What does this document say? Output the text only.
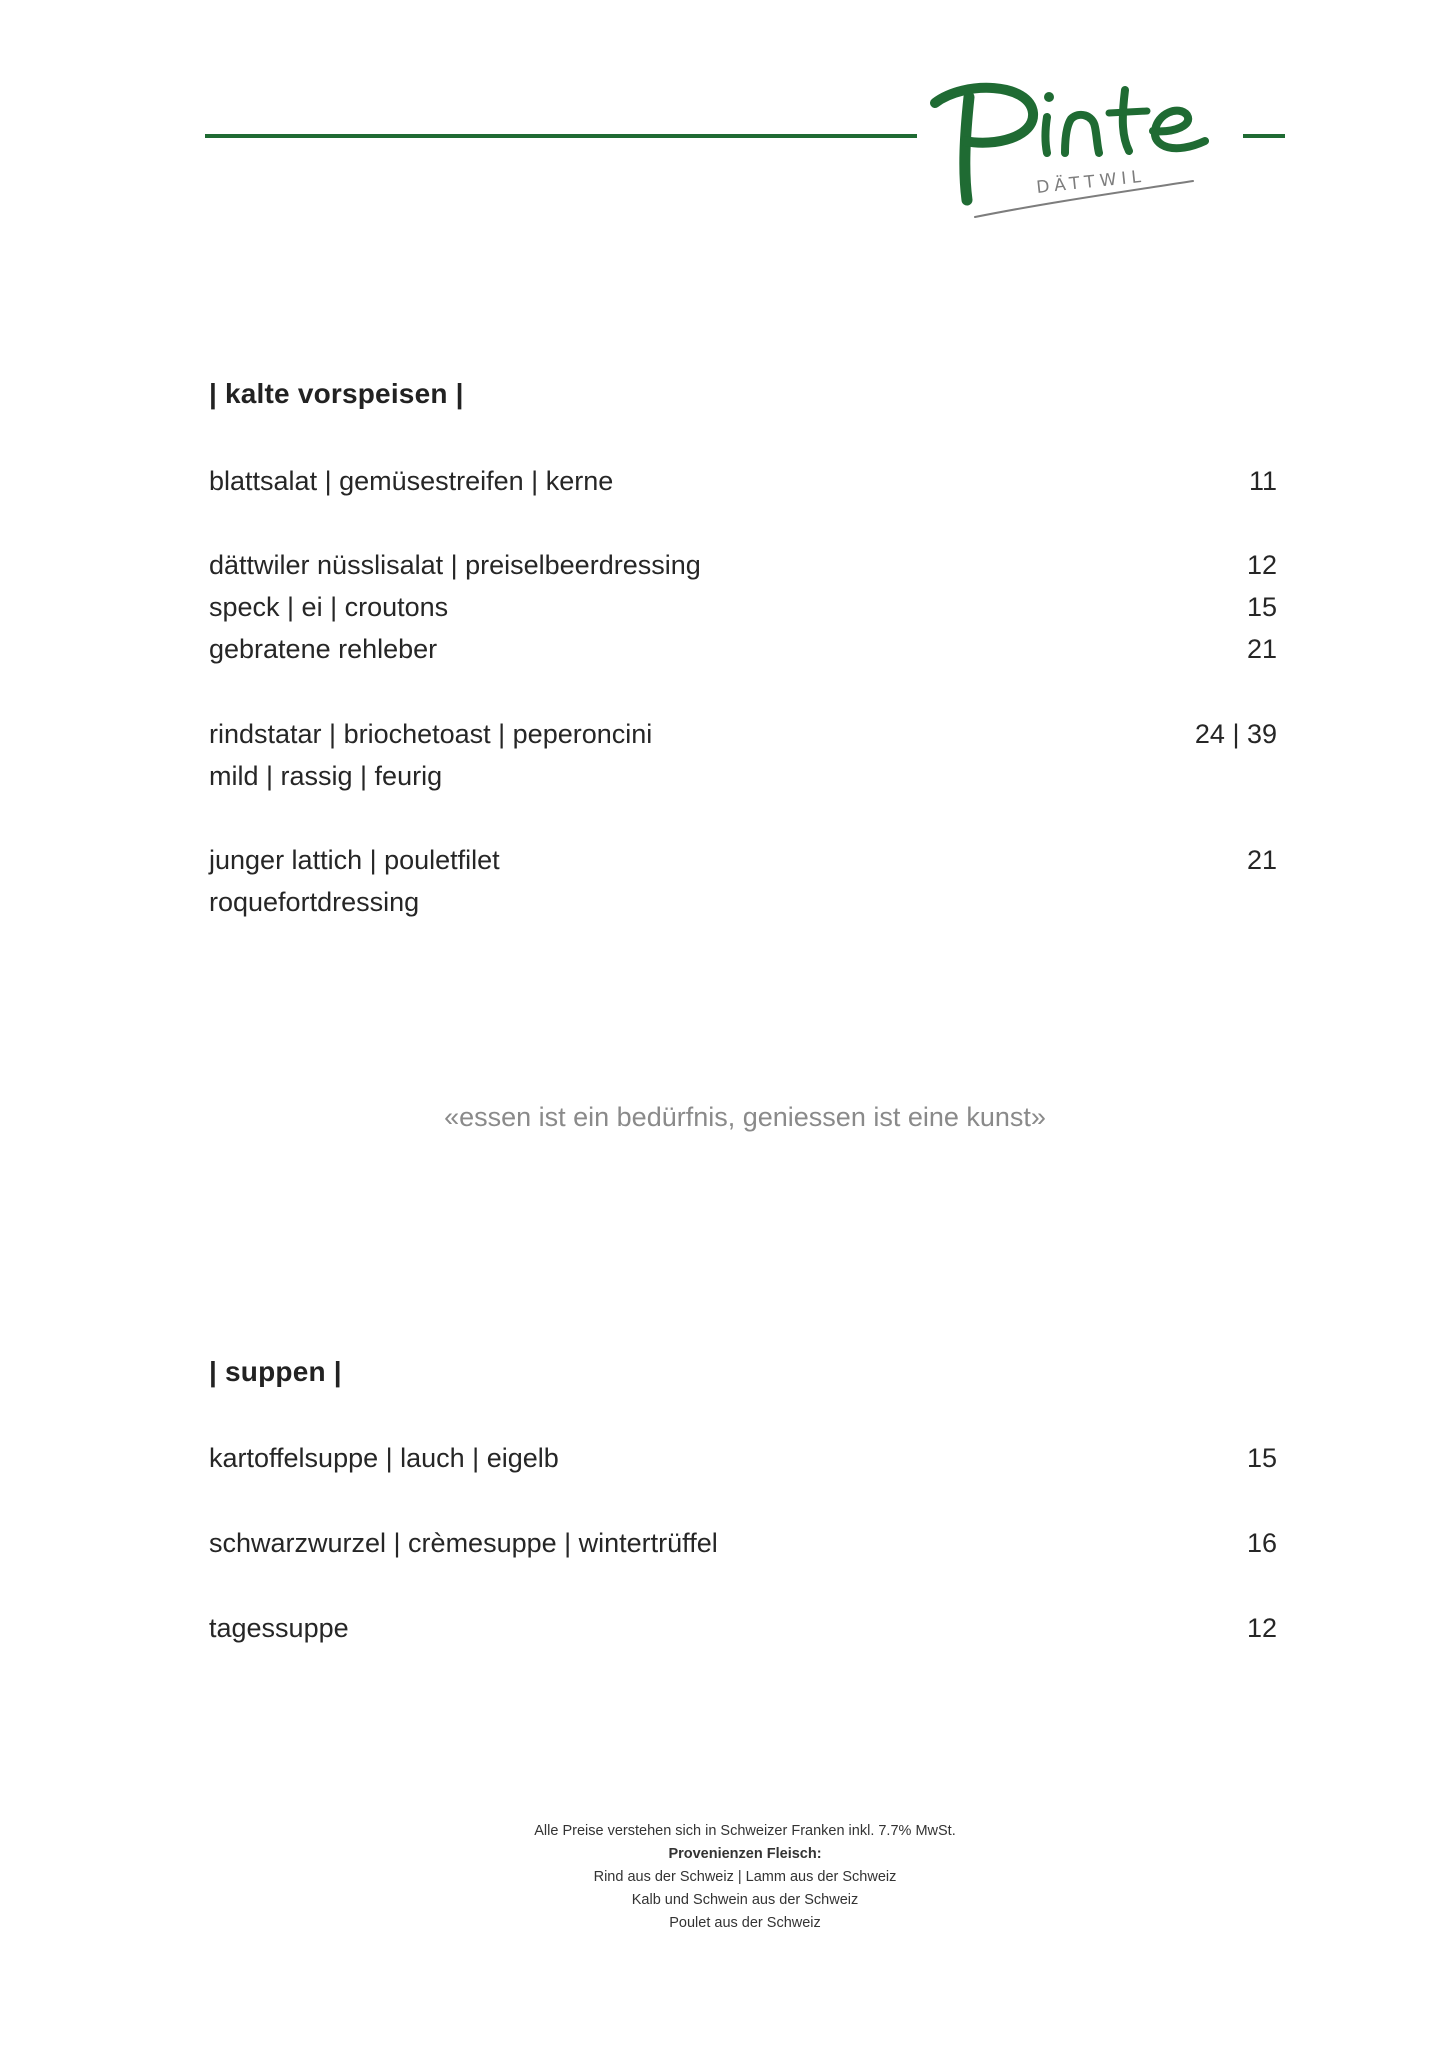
DÄTTWIL
| kalte vorspeisen |
blattsalat | gemüsestreifen | kerne	11
dättwiler nüsslisalat | preiselbeerdressing	12
speck | ei | croutons	15
gebratene rehleber	21
rindstatar | briochetoast | peperoncini	24 | 39
mild | rassig | feurig
junger lattich | pouletfilet	21
roquefortdressing
«essen ist ein bedürfnis, geniessen ist eine kunst»
| suppen |
kartoffelsuppe | lauch | eigelb	15
schwarzwurzel | crèmesuppe | wintertrüffel	16
tagessuppe	12
Alle Preise verstehen sich in Schweizer Franken inkl. 7.7% MwSt.
Provenienzen Fleisch:
Rind aus der Schweiz | Lamm aus der Schweiz
Kalb und Schwein aus der Schweiz
Poulet aus der Schweiz
